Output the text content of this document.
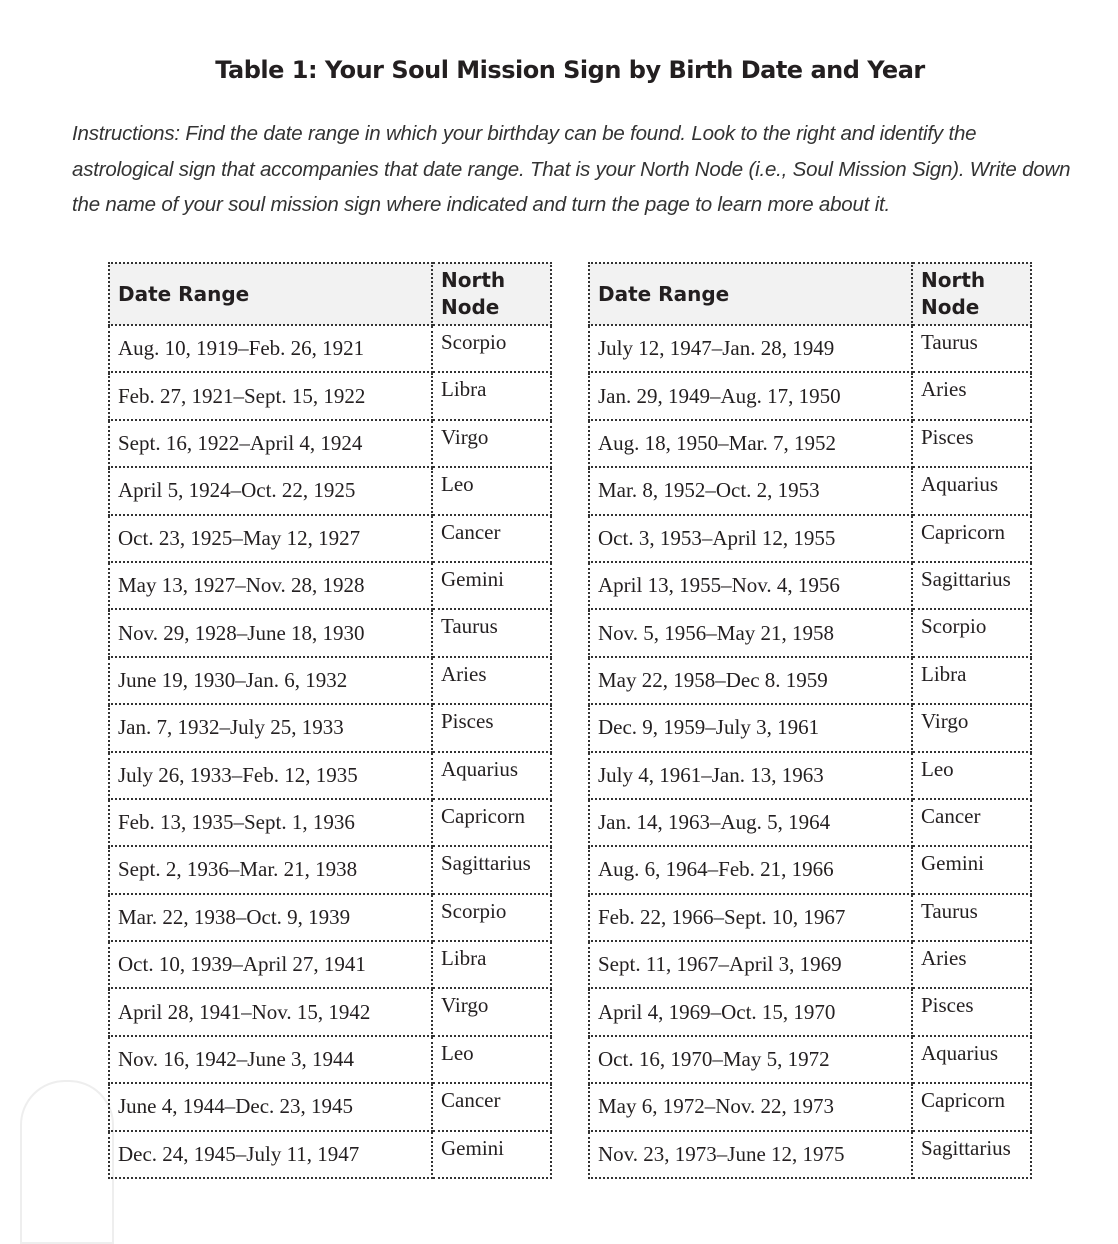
Table 1: Your Soul Mission Sign by Birth Date and Year
Instructions: Find the date range in which your birthday can be found. Look to the right and identify the astrological sign that accompanies that date range. That is your North Node (i.e., Soul Mission Sign). Write down the name of your soul mission sign where indicated and turn the page to learn more about it.
Date Range	North Node
Aug. 10, 1919–Feb. 26, 1921	Scorpio
Feb. 27, 1921–Sept. 15, 1922	Libra
Sept. 16, 1922–April 4, 1924	Virgo
April 5, 1924–Oct. 22, 1925	Leo
Oct. 23, 1925–May 12, 1927	Cancer
May 13, 1927–Nov. 28, 1928	Gemini
Nov. 29, 1928–June 18, 1930	Taurus
June 19, 1930–Jan. 6, 1932	Aries
Jan. 7, 1932–July 25, 1933	Pisces
July 26, 1933–Feb. 12, 1935	Aquarius
Feb. 13, 1935–Sept. 1, 1936	Capricorn
Sept. 2, 1936–Mar. 21, 1938	Sagittarius
Mar. 22, 1938–Oct. 9, 1939	Scorpio
Oct. 10, 1939–April 27, 1941	Libra
April 28, 1941–Nov. 15, 1942	Virgo
Nov. 16, 1942–June 3, 1944	Leo
June 4, 1944–Dec. 23, 1945	Cancer
Dec. 24, 1945–July 11, 1947	Gemini
Date Range	North Node
July 12, 1947–Jan. 28, 1949	Taurus
Jan. 29, 1949–Aug. 17, 1950	Aries
Aug. 18, 1950–Mar. 7, 1952	Pisces
Mar. 8, 1952–Oct. 2, 1953	Aquarius
Oct. 3, 1953–April 12, 1955	Capricorn
April 13, 1955–Nov. 4, 1956	Sagittarius
Nov. 5, 1956–May 21, 1958	Scorpio
May 22, 1958–Dec 8. 1959	Libra
Dec. 9, 1959–July 3, 1961	Virgo
July 4, 1961–Jan. 13, 1963	Leo
Jan. 14, 1963–Aug. 5, 1964	Cancer
Aug. 6, 1964–Feb. 21, 1966	Gemini
Feb. 22, 1966–Sept. 10, 1967	Taurus
Sept. 11, 1967–April 3, 1969	Aries
April 4, 1969–Oct. 15, 1970	Pisces
Oct. 16, 1970–May 5, 1972	Aquarius
May 6, 1972–Nov. 22, 1973	Capricorn
Nov. 23, 1973–June 12, 1975	Sagittarius
